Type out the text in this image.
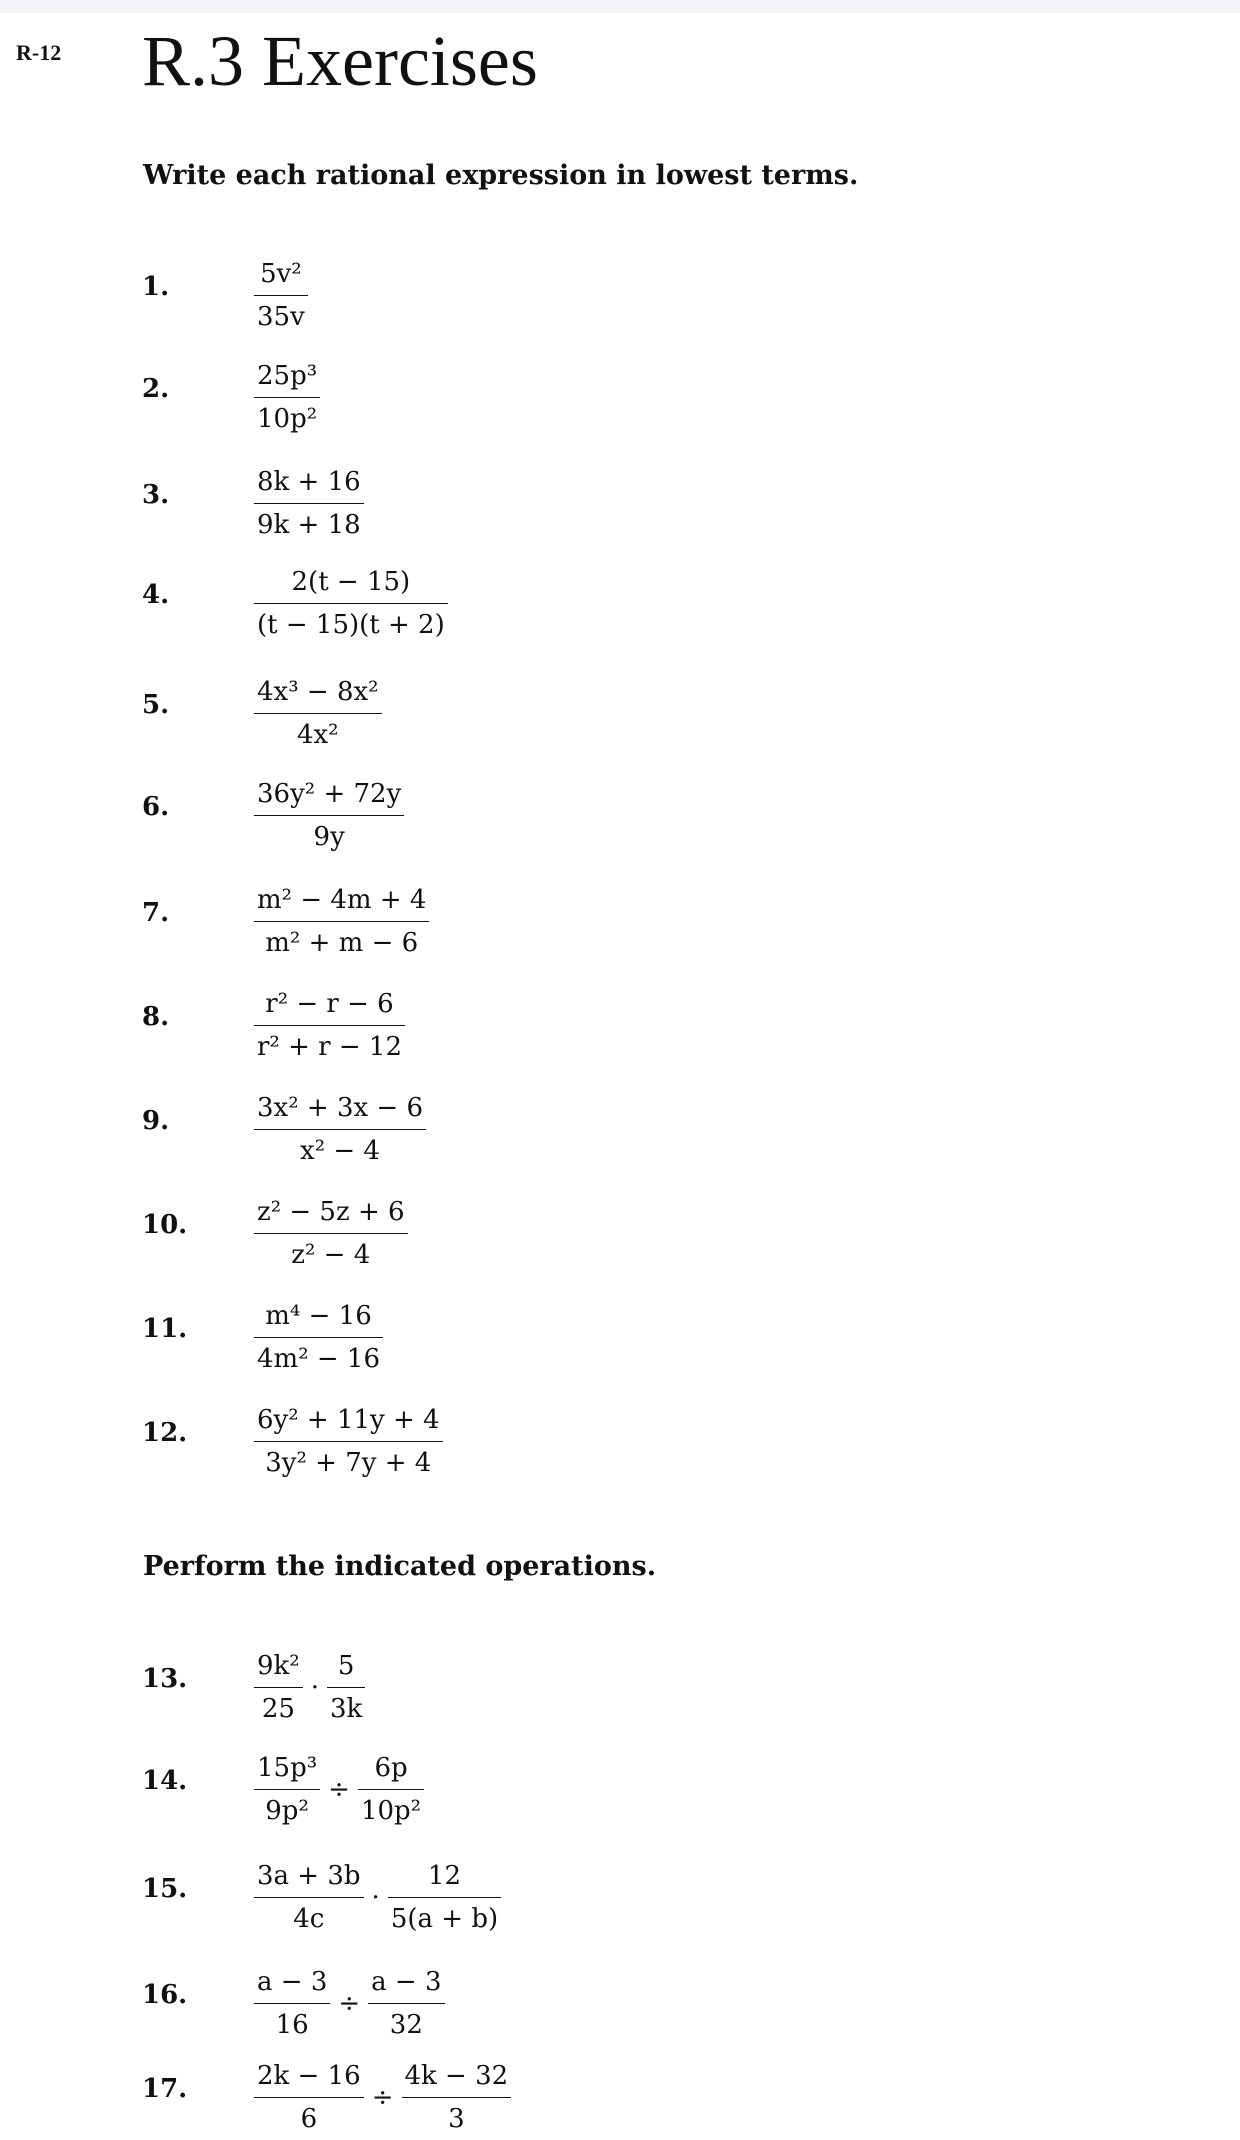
R-12 R.3 Exercises

Write each rational expression in lowest terms.

1.	$\frac{\text{5v²}}{35v}$
2.	$\frac{\text{25p³}}{\text{10p²}}$
3.	$\frac{8k + 16}{9k + 18}$
4.	$\frac{2(t - 15)}{(t - 15)(t + 2)}$
5.	$\frac{\text{4x³ − 8x²}}{\text{4x²}}$
6.	$\frac{\text{36y² + 72y}}{9y}$
7.	$\frac{\text{m² − 4m + 4}}{\text{m² + m − 6}}$
8.	$\frac{\text{r² − r − 6}}{\text{r² + r − 12}}$
9.	$\frac{\text{3x² + 3x − 6}}{\text{x² − 4}}$
10.	$\frac{\text{z² − 5z + 6}}{\text{z² − 4}}$
11.	$\frac{\text{m⁴ − 16}}{\text{4m² − 16}}$
12.	$\frac{\text{6y² + 11y + 4}}{\text{3y² + 7y + 4}}$

Perform the indicated operations.

13.	$\frac{\text{9k²}}{25} \cdot \frac{5}{3k}$
14.	$\frac{\text{15p³}}{\text{9p²}} \div \frac{6p}{\text{10p²}}$
15.	$\frac{3a + 3b}{4c} \cdot \frac{12}{5(a + b)}$
16.	$\frac{a - 3}{16} \div \frac{a - 3}{32}$
17.	$\frac{2k - 16}{6} \div \frac{4k - 32}{3}$
